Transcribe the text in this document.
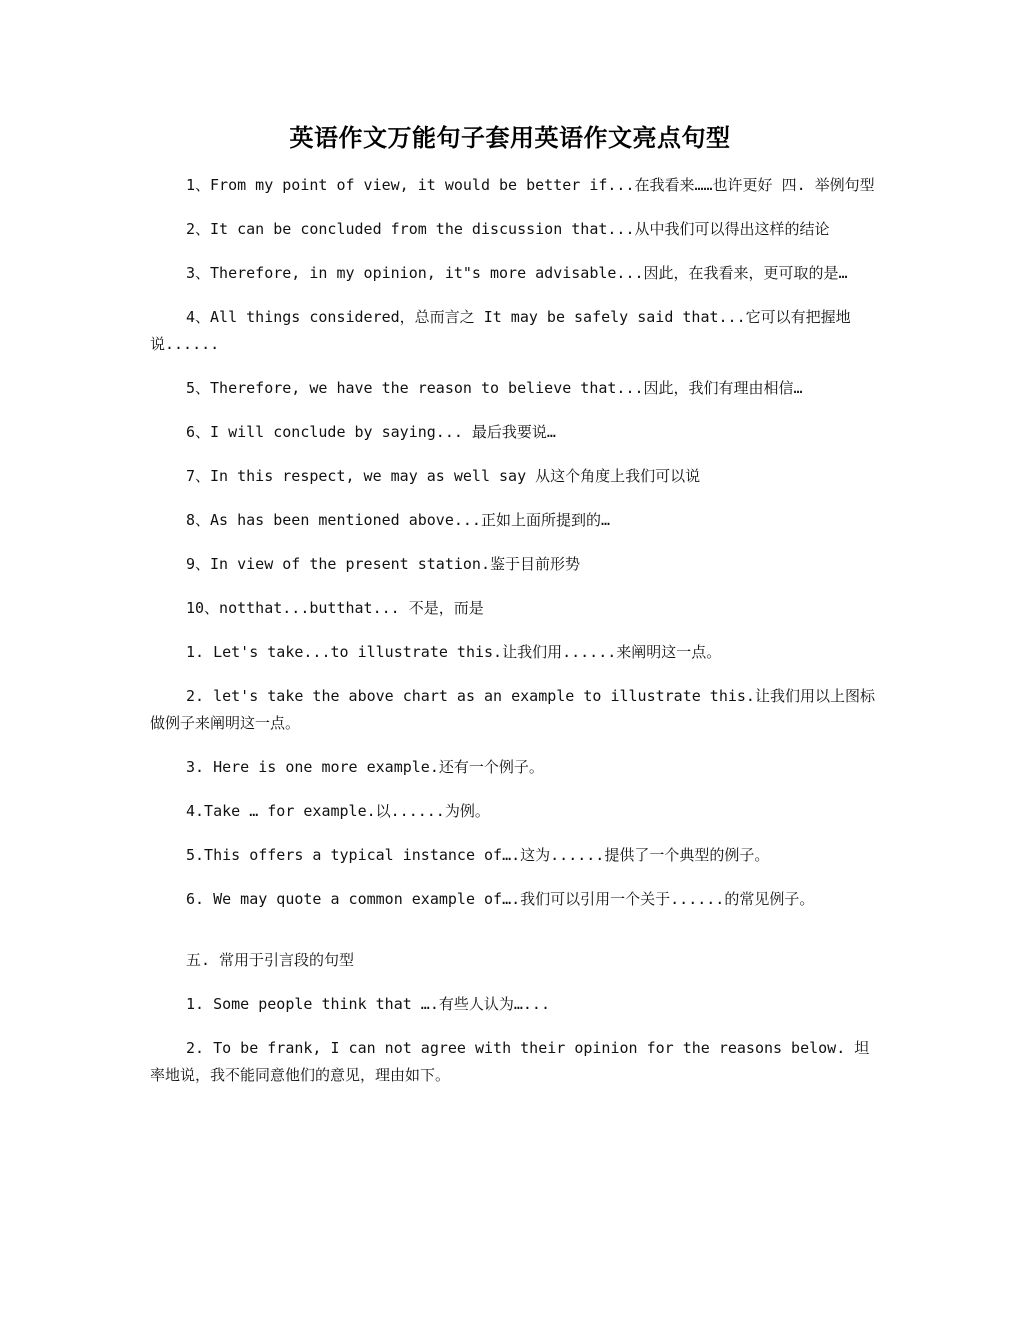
英语作文万能句子套用英语作文亮点句型

1、From my point of view, it would be better if...在我看来……也许更好 四. 举例句型

2、It can be concluded from the discussion that...从中我们可以得出这样的结论

3、Therefore, in my opinion, it"s more advisable...因此，在我看来，更可取的是…

4、All things considered，总而言之 It may be safely said that...它可以有把握地说......

5、Therefore, we have the reason to believe that...因此，我们有理由相信…

6、I will conclude by saying... 最后我要说…

7、In this respect, we may as well say 从这个角度上我们可以说

8、As has been mentioned above...正如上面所提到的…

9、In view of the present station.鉴于目前形势

10、notthat...butthat... 不是，而是

1. Let's take...to illustrate this.让我们用......来阐明这一点。

2. let's take the above chart as an example to illustrate this.让我们用以上图标做例子来阐明这一点。

3. Here is one more example.还有一个例子。

4.Take … for example.以......为例。

5.This offers a typical instance of….这为......提供了一个典型的例子。

6. We may quote a common example of….我们可以引用一个关于......的常见例子。

五. 常用于引言段的句型

1. Some people think that ….有些人认为….​..

2. To be frank, I can not agree with their opinion for the reasons below. 坦率地说，我不能同意他们的意见，理由如下。
